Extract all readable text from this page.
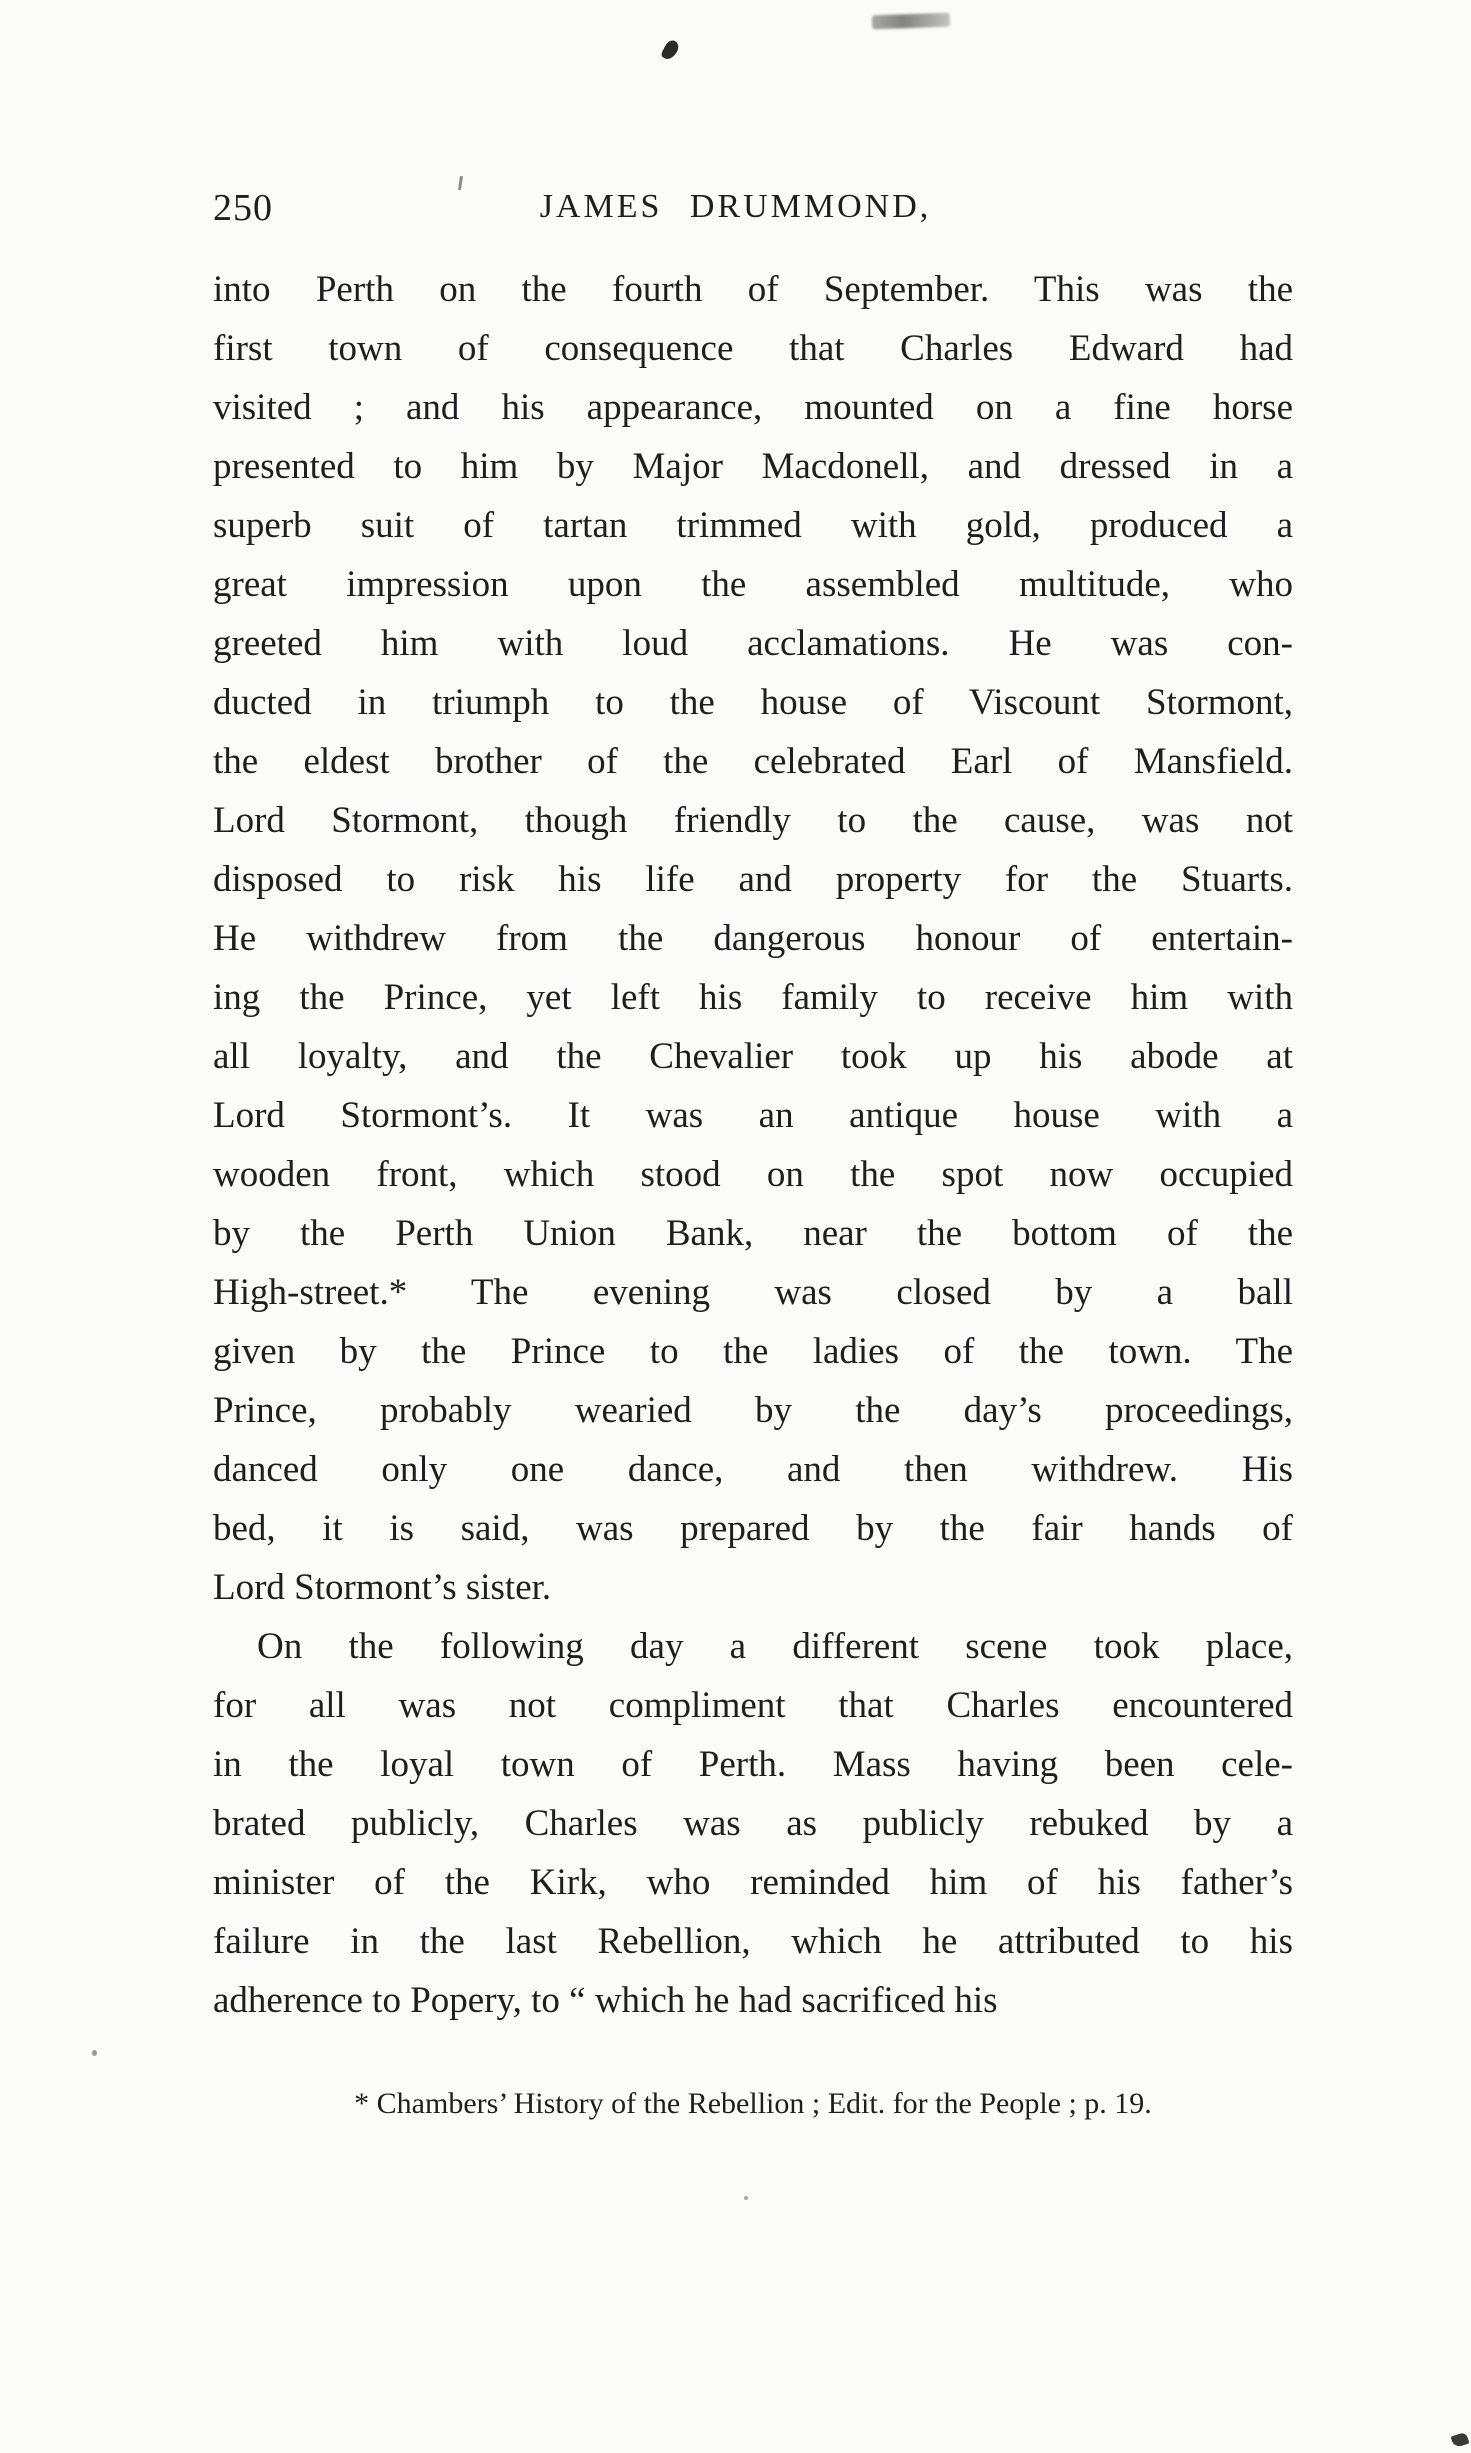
250	JAMES DRUMMOND,
into Perth on the fourth of September. This was the
first town of consequence that Charles Edward had
visited ; and his appearance, mounted on a fine horse
presented to him by Major Macdonell, and dressed in a
superb suit of tartan trimmed with gold, produced a
great impression upon the assembled multitude, who
greeted him with loud acclamations. He was con-
ducted in triumph to the house of Viscount Stormont,
the eldest brother of the celebrated Earl of Mansfield.
Lord Stormont, though friendly to the cause, was not
disposed to risk his life and property for the Stuarts.
He withdrew from the dangerous honour of entertain-
ing the Prince, yet left his family to receive him with
all loyalty, and the Chevalier took up his abode at
Lord Stormont’s. It was an antique house with a
wooden front, which stood on the spot now occupied
by the Perth Union Bank, near the bottom of the
High-street.* The evening was closed by a ball
given by the Prince to the ladies of the town. The
Prince, probably wearied by the day’s proceedings,
danced only one dance, and then withdrew. His
bed, it is said, was prepared by the fair hands of
Lord Stormont’s sister.
On the following day a different scene took place,
for all was not compliment that Charles encountered
in the loyal town of Perth. Mass having been cele-
brated publicly, Charles was as publicly rebuked by a
minister of the Kirk, who reminded him of his father’s
failure in the last Rebellion, which he attributed to his
adherence to Popery, to “ which he had sacrificed his
* Chambers’ History of the Rebellion ; Edit. for the People ; p. 19.
